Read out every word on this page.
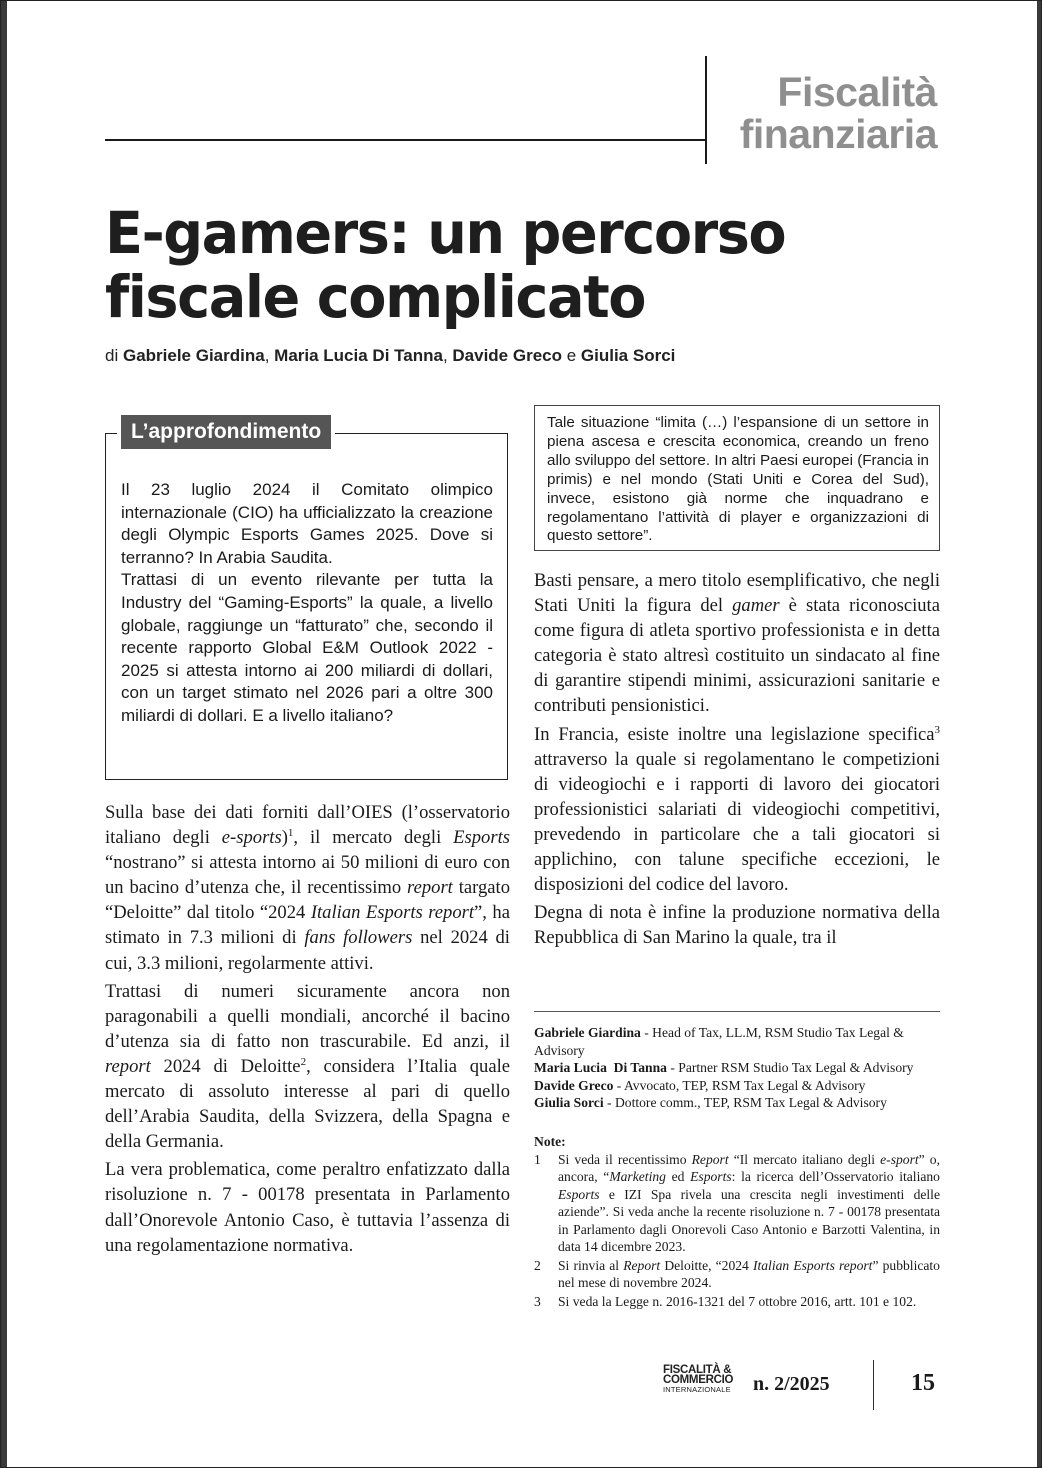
Fiscalità
finanziaria
E-gamers: un percorso fiscale complicato
di Gabriele Giardina, Maria Lucia Di Tanna, Davide Greco e Giulia Sorci
L’approfondimento

Il 23 luglio 2024 il Comitato olimpico internazionale (CIO) ha ufficializzato la creazione degli Olympic Esports Games 2025. Dove si terranno? In Arabia Saudita.

Trattasi di un evento rilevante per tutta la Industry del “Gaming-Esports” la quale, a livello globale, raggiunge un “fatturato” che, secondo il recente rapporto Global E&M Outlook 2022 - 2025 si attesta intorno ai 200 miliardi di dollari, con un target stimato nel 2026 pari a oltre 300 miliardi di dollari. E a livello italiano?

Tale situazione “limita (…) l’espansione di un settore in piena ascesa e crescita economica, creando un freno allo sviluppo del settore. In altri Paesi europei (Francia in primis) e nel mondo (Stati Uniti e Corea del Sud), invece, esistono già norme che inquadrano e regolamentano l’attività di player e organizzazioni di questo settore”.

Sulla base dei dati forniti dall’OIES (l’osservatorio italiano degli e-sports)$^1$, il mercato degli Esports “nostrano” si attesta intorno ai 50 milioni di euro con un bacino d’utenza che, il recentissimo report targato “Deloitte” dal titolo “2024 Italian Esports report”, ha stimato in 7.3 milioni di fans followers nel 2024 di cui, 3.3 milioni, regolarmente attivi.

Trattasi di numeri sicuramente ancora non paragonabili a quelli mondiali, ancorché il bacino d’utenza sia di fatto non trascurabile. Ed anzi, il report 2024 di Deloitte$^2$, considera l’Italia quale mercato di assoluto interesse al pari di quello dell’Arabia Saudita, della Svizzera, della Spagna e della Germania.

La vera problematica, come peraltro enfatizzato dalla risoluzione n. 7 - 00178 presentata in Parlamento dall’Onorevole Antonio Caso, è tuttavia l’assenza di una regolamentazione normativa.

Basti pensare, a mero titolo esemplificativo, che negli Stati Uniti la figura del gamer è stata riconosciuta come figura di atleta sportivo professionista e in detta categoria è stato altresì costituito un sindacato al fine di garantire stipendi minimi, assicurazioni sanitarie e contributi pensionistici.

In Francia, esiste inoltre una legislazione specifica$^3$ attraverso la quale si regolamentano le competizioni di videogiochi e i rapporti di lavoro dei giocatori professionistici salariati di videogiochi competitivi, prevedendo in particolare che a tali giocatori si applichino, con talune specifiche eccezioni, le disposizioni del codice del lavoro.

Degna di nota è infine la produzione normativa della Repubblica di San Marino la quale, tra il

Gabriele Giardina - Head of Tax, LL.M, RSM Studio Tax Legal & Advisory

Maria Lucia  Di Tanna - Partner RSM Studio Tax Legal & Advisory

Davide Greco - Avvocato, TEP, RSM Tax Legal & Advisory

Giulia Sorci - Dottore comm., TEP, RSM Tax Legal & Advisory

Note:

1	Si veda il recentissimo Report “Il mercato italiano degli e-sport” o, ancora, “Marketing ed Esports: la ricerca dell’Osservatorio italiano Esports e IZI Spa rivela una crescita negli investimenti delle aziende”. Si veda anche la recente risoluzione n. 7 - 00178 presentata in Parlamento dagli Onorevoli Caso Antonio e Barzotti Valentina, in data 14 dicembre 2023.
2	Si rinvia al Report Deloitte, “2024 Italian Esports report” pubblicato nel mese di novembre 2024.
3	Si veda la Legge n. 2016-1321 del 7 ottobre 2016, artt. 101 e 102.
FISCALITÀ &
COMMERCIO
INTERNAZIONALE	n. 2/2025	15
